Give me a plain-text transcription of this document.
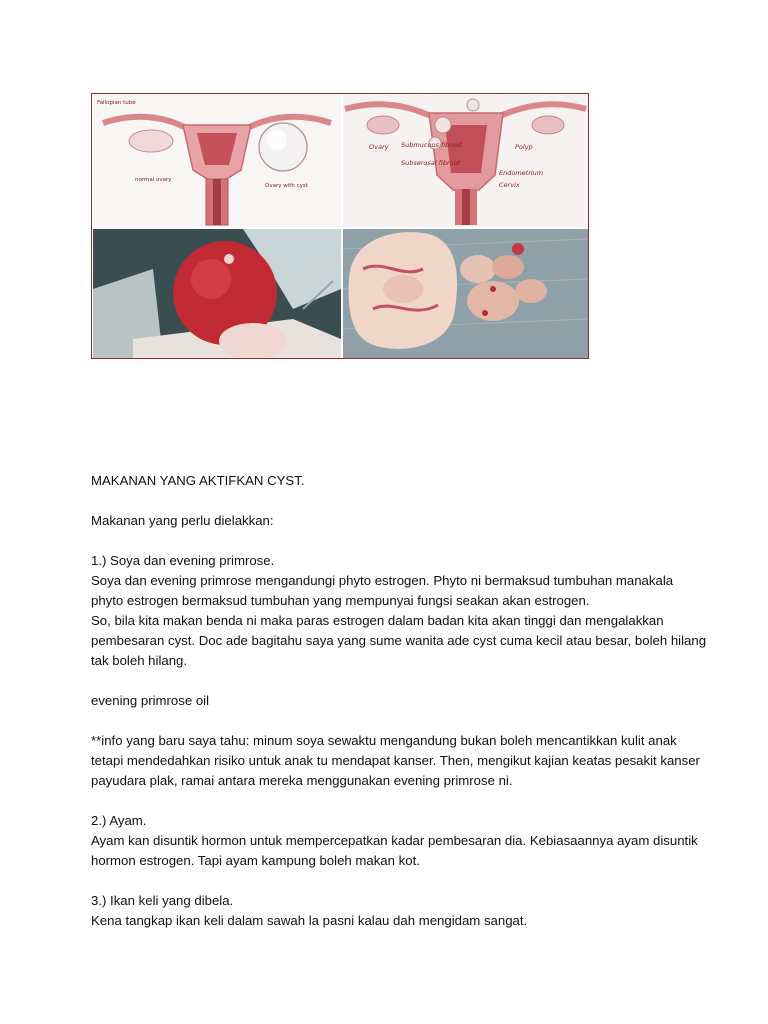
Fallopian tube
normal ovary
Ovary with cyst
Ovary Submucous fibroid
Subserosal fibroid
Polyp
Endometrium
Cervix

MAKANAN YANG AKTIFKAN CYST.

Makanan yang perlu dielakkan:

1.) Soya dan evening primrose.

Soya dan evening primrose mengandungi phyto estrogen. Phyto ni bermaksud tumbuhan manakala

phyto estrogen bermaksud tumbuhan yang mempunyai fungsi seakan akan estrogen.

So, bila kita makan benda ni maka paras estrogen dalam badan kita akan tinggi dan mengalakkan

pembesaran cyst. Doc ade bagitahu saya yang sume wanita ade cyst cuma kecil atau besar, boleh hilang

tak boleh hilang.

evening primrose oil

**info yang baru saya tahu: minum soya sewaktu mengandung bukan boleh mencantikkan kulit anak

tetapi mendedahkan risiko untuk anak tu mendapat kanser. Then, mengikut kajian keatas pesakit kanser

payudara plak, ramai antara mereka menggunakan evening primrose ni.

2.) Ayam.

Ayam kan disuntik hormon untuk mempercepatkan kadar pembesaran dia. Kebiasaannya ayam disuntik

hormon estrogen. Tapi ayam kampung boleh makan kot.

3.) Ikan keli yang dibela.

Kena tangkap ikan keli dalam sawah la pasni kalau dah mengidam sangat.
